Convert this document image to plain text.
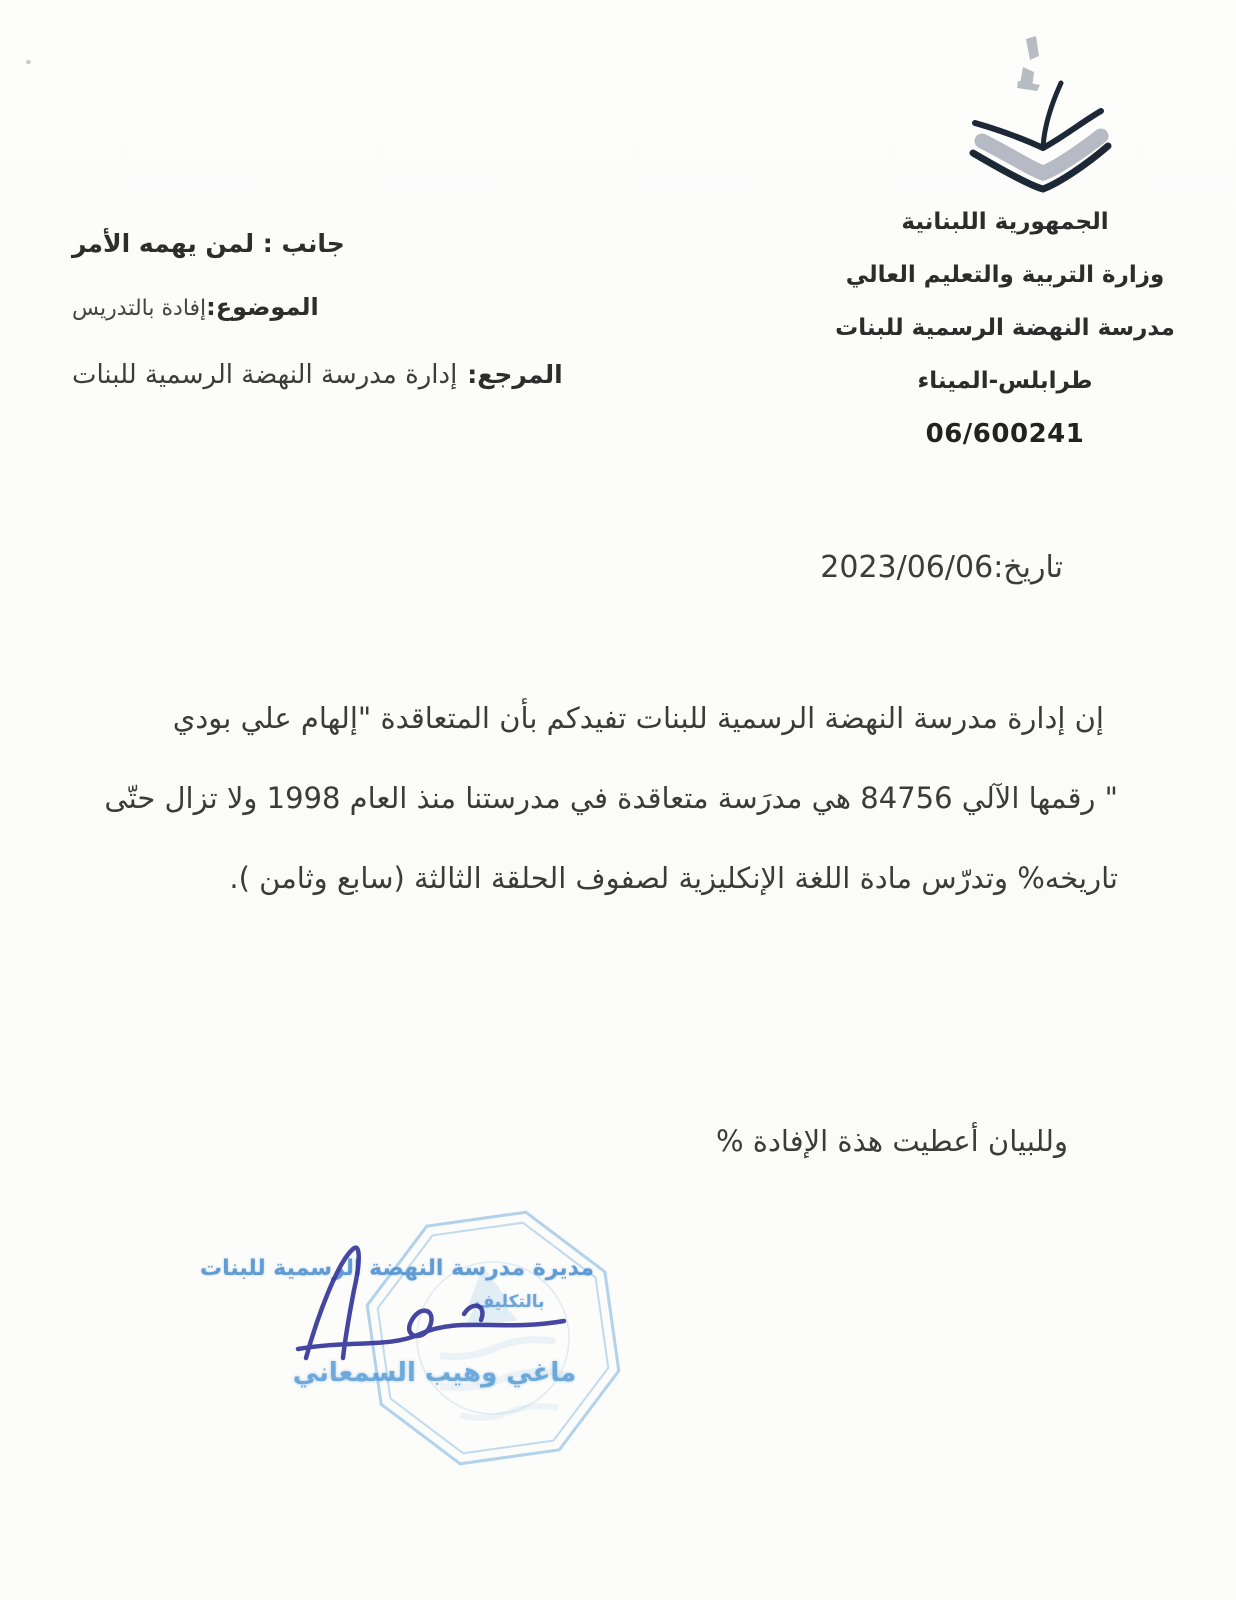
الجمهورية اللبنانية
وزارة التربية والتعليم العالي
مدرسة النهضة الرسمية للبنات
طرابلس-الميناء
06/600241
جانب : لمن يهمه الأمر
الموضوع:إفادة بالتدريس
المرجع:إدارة مدرسة النهضة الرسمية للبنات
تاريخ:2023/06/06
إن إدارة مدرسة النهضة الرسمية للبنات تفيدكم بأن المتعاقدة "إلهام علي بودي
" رقمها الآلي 84756 هي مدرَسة متعاقدة في مدرستنا منذ العام 1998 ولا تزال حتّى
تاريخه% وتدرّس مادة اللغة الإنكليزية لصفوف الحلقة الثالثة (سابع وثامن ).
وللبيان أعطيت هذة الإفادة %
مديرة مدرسة النهضة الرسمية للبنات
بالتكليف
ماغي وهيب السمعاني
